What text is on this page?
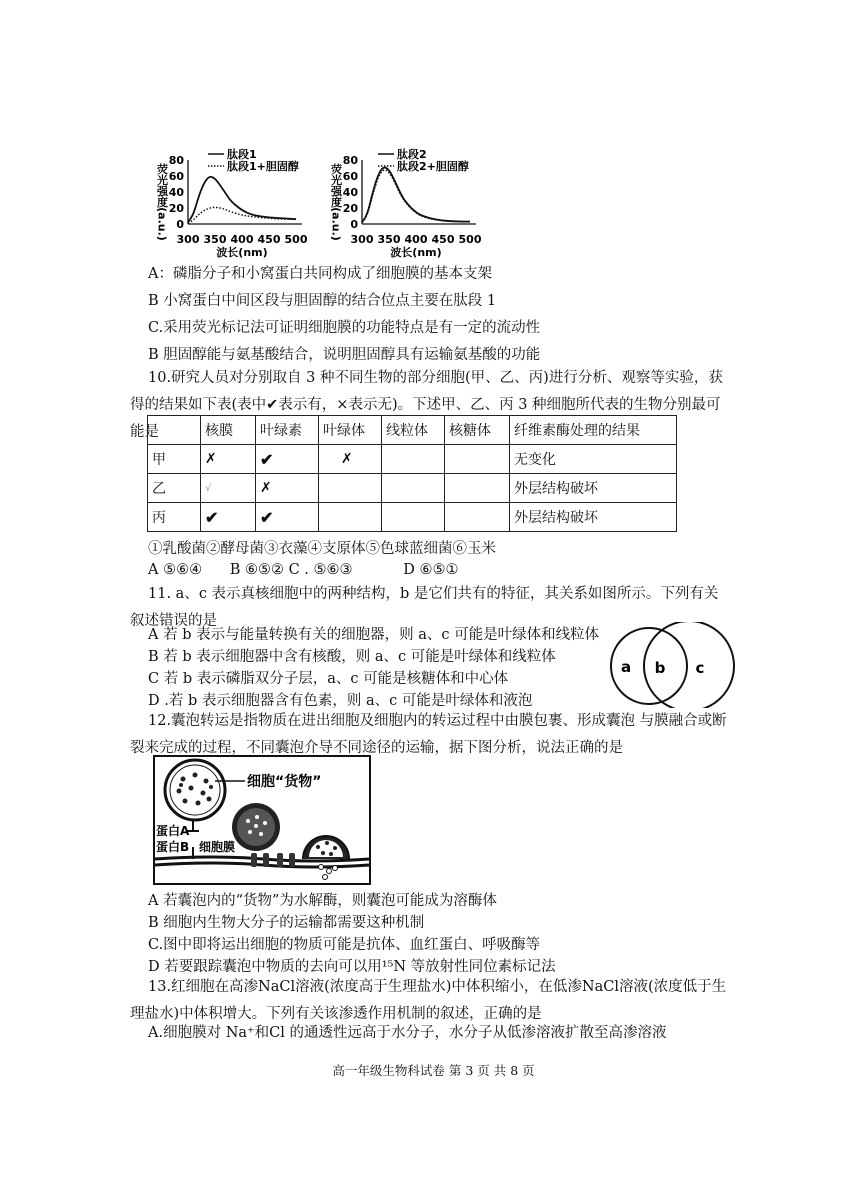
荧光强度(a.u.) 0
20
40
60
80
300 350 400 450 500
波长(nm)
肽段1
肽段1+胆固醇	荧光强度(a.u.) 0
20
40
60
80
300 350 400 450 500
波长(nm)
肽段2
肽段2+胆固醇
A：磷脂分子和小窝蛋白共同构成了细胞膜的基本支架
B 小窝蛋白中间区段与胆固醇的结合位点主要在肽段 1
C.采用荧光标记法可证明细胞膜的功能特点是有一定的流动性
B 胆固醇能与氨基酸结合，说明胆固醇具有运输氨基酸的功能
10.研究人员对分别取自 3 种不同生物的部分细胞(甲、乙、丙)进行分析、观察等实验，获得的结果如下表(表中✔表示有，×表示无)。下述甲、乙、丙 3 种细胞所代表的生物分别最可能是
		核膜	叶绿素	叶绿体	线粒体	核糖体	纤维素酶处理的结果
甲	✗	✔	✗			无变化
乙	√	✗				外层结构破坏
丙	✔	✔				外层结构破坏
①乳酸菌②酵母菌③衣藻④支原体⑤色球蓝细菌⑥玉米
A ⑤⑥④      B ⑥⑤② C . ⑤⑥③           D ⑥⑤①
11. a、c 表示真核细胞中的两种结构，b 是它们共有的特征，其关系如图所示。下列有关叙述错误的是
A 若 b 表示与能量转换有关的细胞器，则 a、c 可能是叶绿体和线粒体
B 若 b 表示细胞器中含有核酸，则 a、c 可能是叶绿体和线粒体
C 若 b 表示磷脂双分子层，a、c 可能是核糖体和中心体
D .若 b 表示细胞器含有色素，则 a、c 可能是叶绿体和液泡
a b c
12.囊泡转运是指物质在进出细胞及细胞内的转运过程中由膜包裹、形成囊泡 与膜融合或断裂来完成的过程，不同囊泡介导不同途径的运输，据下图分析，说法正确的是
细胞“货物”
蛋白A
蛋白B 细胞膜
A 若囊泡内的“货物”为水解酶，则囊泡可能成为溶酶体
B 细胞内生物大分子的运输都需要这种机制
C.图中即将运出细胞的物质可能是抗体、血红蛋白、呼吸酶等
D 若要跟踪囊泡中物质的去向可以用¹⁵N 等放射性同位素标记法
13.红细胞在高渗NaCl溶液(浓度高于生理盐水)中体积缩小，在低渗NaCl溶液(浓度低于生理盐水)中体积增大。下列有关该渗透作用机制的叙述，正确的是
A.细胞膜对 Na⁺和Cl 的通透性远高于水分子，水分子从低渗溶液扩散至高渗溶液
高一年级生物科试卷 第 3 页 共 8 页
